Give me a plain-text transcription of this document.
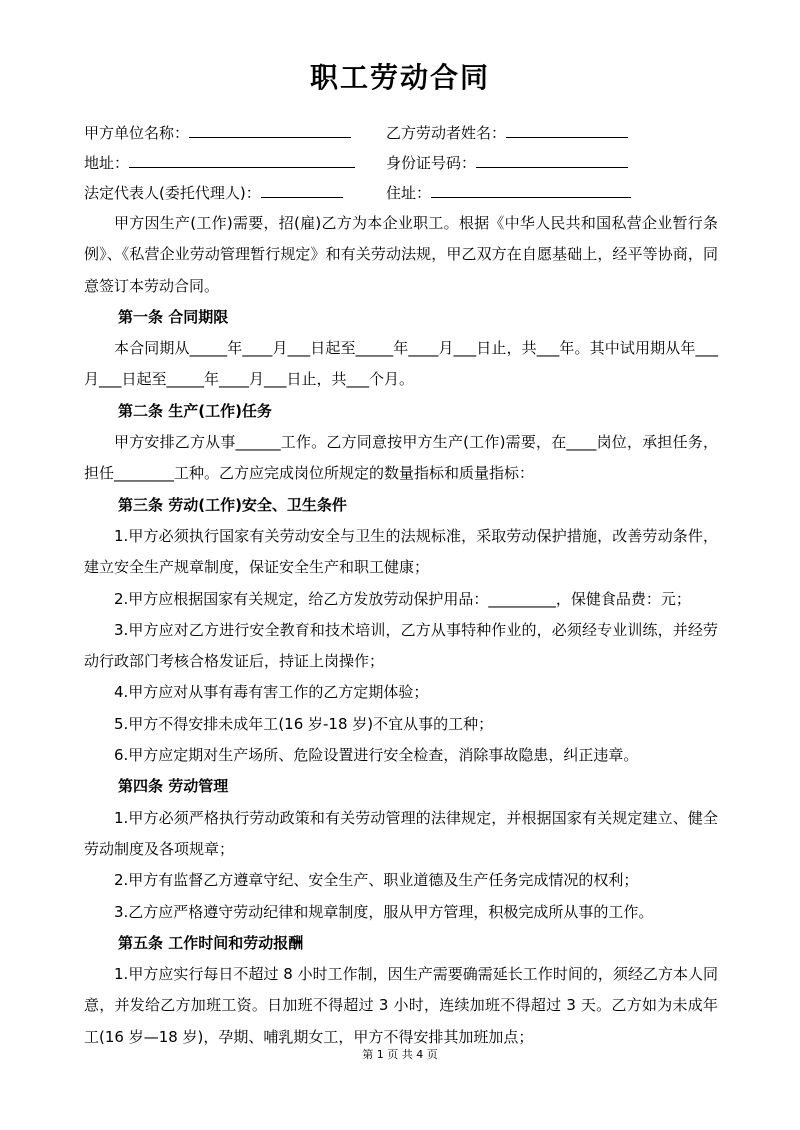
职工劳动合同
甲方单位名称：	乙方劳动者姓名：
地址：	身份证号码：
法定代表人(委托代理人)：	住址：

甲方因生产(工作)需要，招(雇)乙方为本企业职工。根据《中华人民共和国私营企业暂行条例》、《私营企业劳动管理暂行规定》和有关劳动法规，甲乙双方在自愿基础上，经平等协商，同意签订本劳动合同。

第一条 合同期限

本合同期从_____年____月___日起至_____年____月___日止，共___年。其中试用期从年___月___日起至_____年____月___日止，共___个月。

第二条 生产(工作)任务

甲方安排乙方从事______工作。乙方同意按甲方生产(工作)需要，在____岗位，承担任务，担任________工种。乙方应完成岗位所规定的数量指标和质量指标：

第三条 劳动(工作)安全、卫生条件

1.甲方必须执行国家有关劳动安全与卫生的法规标准，采取劳动保护措施，改善劳动条件，建立安全生产规章制度，保证安全生产和职工健康；

2.甲方应根据国家有关规定，给乙方发放劳动保护用品：_________，保健食品费：元；

3.甲方应对乙方进行安全教育和技术培训，乙方从事特种作业的，必须经专业训练，并经劳动行政部门考核合格发证后，持证上岗操作；

4.甲方应对从事有毒有害工作的乙方定期体验；

5.甲方不得安排未成年工(16 岁-18 岁)不宜从事的工种；

6.甲方应定期对生产场所、危险设置进行安全检查，消除事故隐患，纠正违章。

第四条 劳动管理

1.甲方必须严格执行劳动政策和有关劳动管理的法律规定，并根据国家有关规定建立、健全劳动制度及各项规章；

2.甲方有监督乙方遵章守纪、安全生产、职业道德及生产任务完成情况的权利；

3.乙方应严格遵守劳动纪律和规章制度，服从甲方管理，积极完成所从事的工作。

第五条 工作时间和劳动报酬

1.甲方应实行每日不超过 8 小时工作制，因生产需要确需延长工作时间的，须经乙方本人同意，并发给乙方加班工资。日加班不得超过 3 小时，连续加班不得超过 3 天。乙方如为未成年工(16 岁—18 岁)，孕期、哺乳期女工，甲方不得安排其加班加点；

第 1 页 共 4 页
